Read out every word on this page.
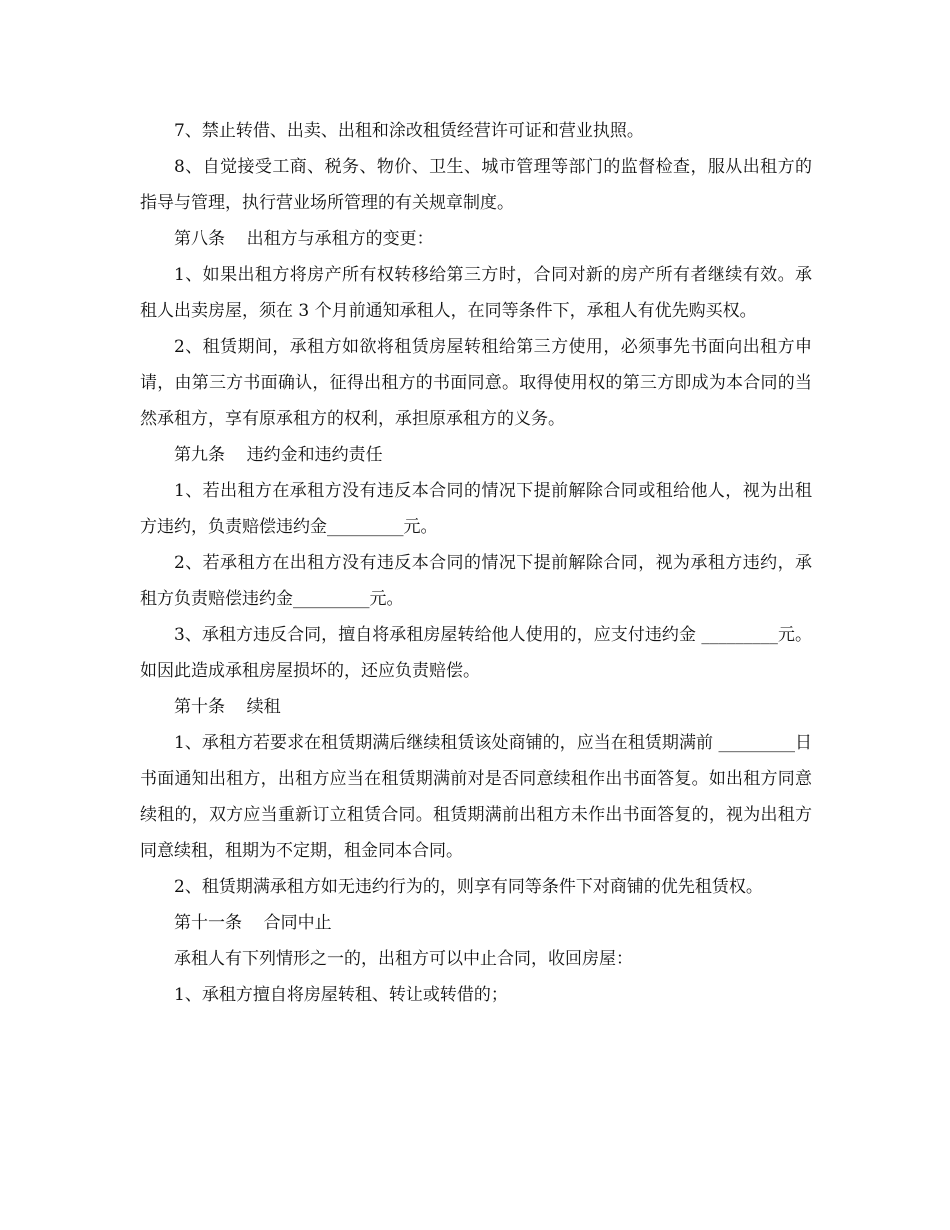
7、禁止转借、出卖、出租和涂改租赁经营许可证和营业执照。

8、自觉接受工商、税务、物价、卫生、城市管理等部门的监督检查，服从出租方的指导与管理，执行营业场所管理的有关规章制度。

第八条    出租方与承租方的变更：

1、如果出租方将房产所有权转移给第三方时，合同对新的房产所有者继续有效。承租人出卖房屋，须在 3 个月前通知承租人，在同等条件下，承租人有优先购买权。

2、租赁期间，承租方如欲将租赁房屋转租给第三方使用，必须事先书面向出租方申请，由第三方书面确认，征得出租方的书面同意。取得使用权的第三方即成为本合同的当然承租方，享有原承租方的权利，承担原承租方的义务。

第九条    违约金和违约责任

1、若出租方在承租方没有违反本合同的情况下提前解除合同或租给他人，视为出租方违约，负责赔偿违约金_________元。

2、若承租方在出租方没有违反本合同的情况下提前解除合同，视为承租方违约，承租方负责赔偿违约金_________元。

3、承租方违反合同，擅自将承租房屋转给他人使用的，应支付违约金 _________元。如因此造成承租房屋损坏的，还应负责赔偿。

第十条    续租

1、承租方若要求在租赁期满后继续租赁该处商铺的，应当在租赁期满前 _________日书面通知出租方，出租方应当在租赁期满前对是否同意续租作出书面答复。如出租方同意续租的，双方应当重新订立租赁合同。租赁期满前出租方未作出书面答复的，视为出租方同意续租，租期为不定期，租金同本合同。

2、租赁期满承租方如无违约行为的，则享有同等条件下对商铺的优先租赁权。

第十一条    合同中止

承租人有下列情形之一的，出租方可以中止合同，收回房屋：

1、承租方擅自将房屋转租、转让或转借的；
